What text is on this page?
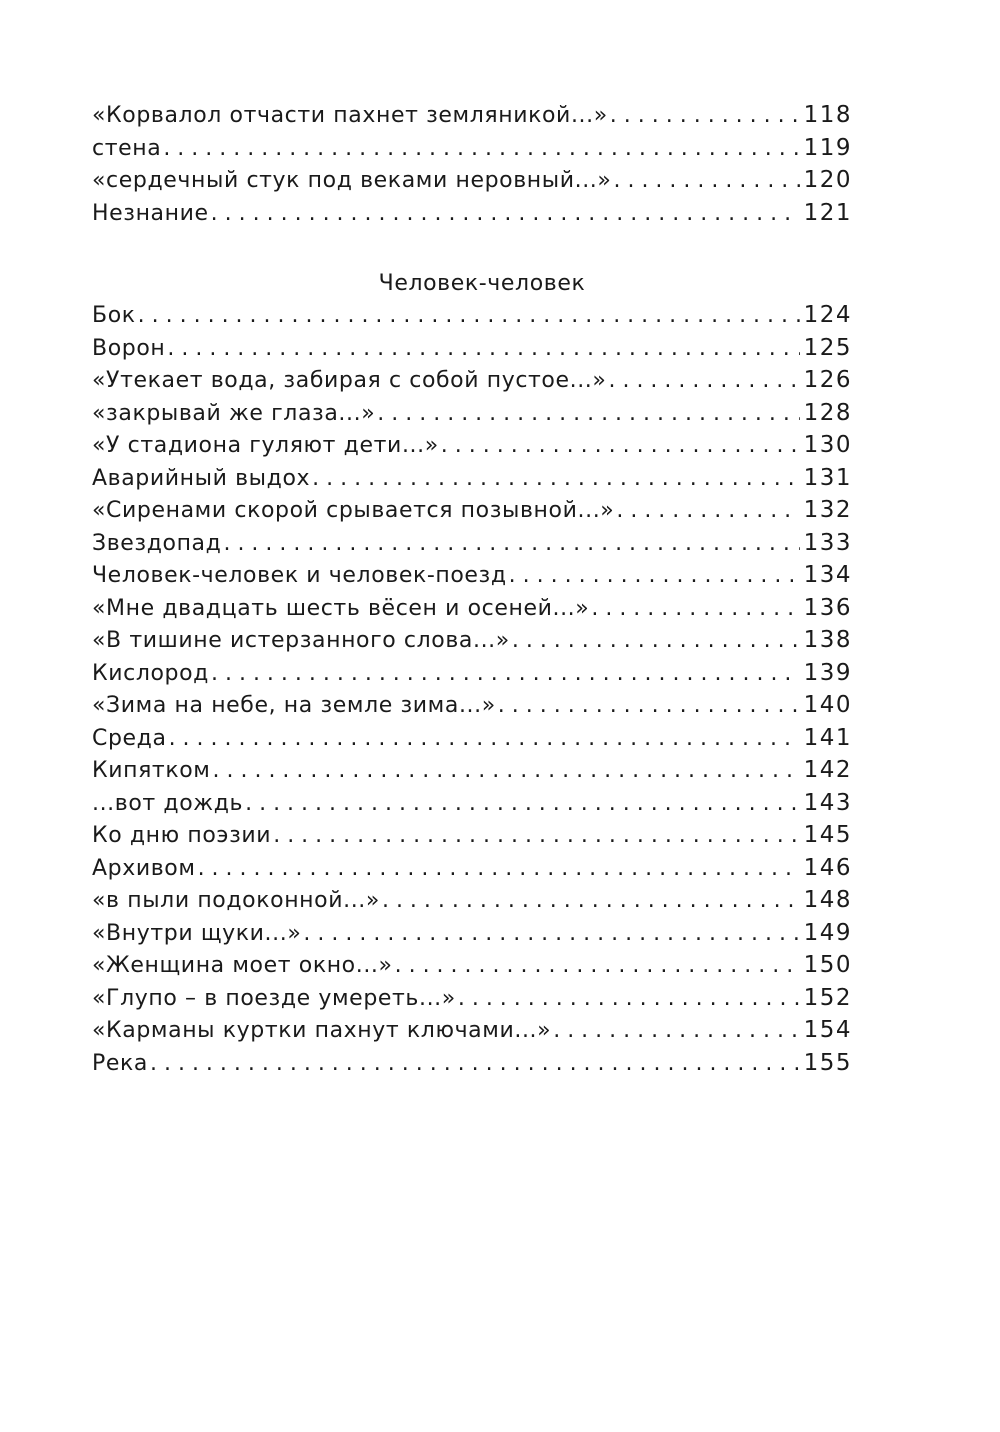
«Корвалол отчасти пахнет земляникой...» . . .	118
стена . . .	119
«сердечный стук под веками неровный...» . . .	120
Незнание . . .	121
Человек-человек
Бок . . .	124
Ворон . . .	125
«Утекает вода, забирая с собой пустое...» . . .	126
«закрывай же глаза...» . . .	128
«У стадиона гуляют дети...» . . .	130
Аварийный выдох . . .	131
«Сиренами скорой срывается позывной...» . . .	132
Звездопад . . .	133
Человек-человек и человек-поезд . . .	134
«Мне двадцать шесть вёсен и осеней...» . . .	136
«В тишине истерзанного слова...» . . .	138
Кислород . . .	139
«Зима на небе, на земле зима...» . . .	140
Среда . . .	141
Кипятком . . .	142
...вот дождь . . .	143
Ко дню поэзии . . .	145
Архивом . . .	146
«в пыли подоконной...» . . .	148
«Внутри щуки...» . . .	149
«Женщина моет окно...» . . .	150
«Глупо – в поезде умереть...» . . .	152
«Карманы куртки пахнут ключами...» . . .	154
Река . . .	155
